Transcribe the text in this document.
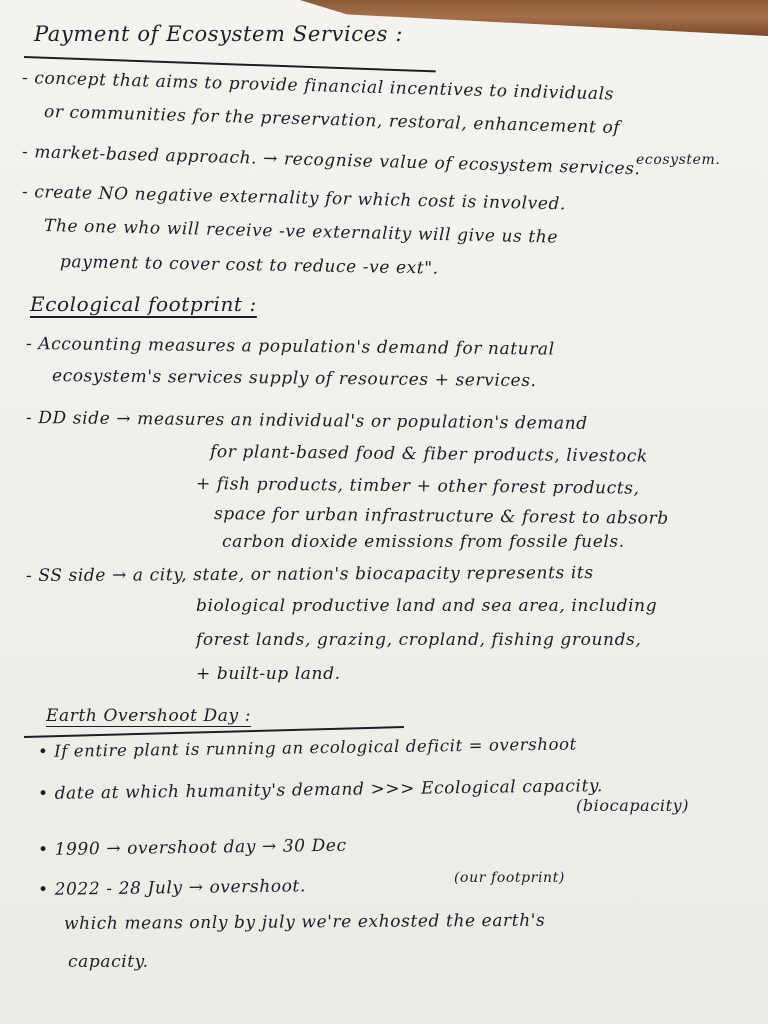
Payment of Ecosystem Services :
- concept that aims to provide financial incentives to individuals
or communities for the preservation, restoral, enhancement of
ecosystem.
- market-based approach. → recognise value of ecosystem services.
- create NO negative externality for which cost is involved.
The one who will receive -ve externality will give us the
payment to cover cost to reduce -ve ext".
Ecological footprint :
- Accounting measures a population's demand for natural
ecosystem's services supply of resources + services.
- DD side → measures an individual's or population's demand
for plant-based food & fiber products, livestock
+ fish products, timber + other forest products,
space for urban infrastructure & forest to absorb
carbon dioxide emissions from fossile fuels.
- SS side → a city, state, or nation's biocapacity represents its
biological productive land and sea area, including
forest lands, grazing, cropland, fishing grounds,
+ built-up land.
Earth Overshoot Day :
• If entire plant is running an ecological deficit = overshoot
• date at which humanity's demand >>> Ecological capacity.
(biocapacity)
• 1990 → overshoot day → 30 Dec
(our footprint)
• 2022 - 28 July → overshoot.
which means only by july we're exhosted the earth's
capacity.
